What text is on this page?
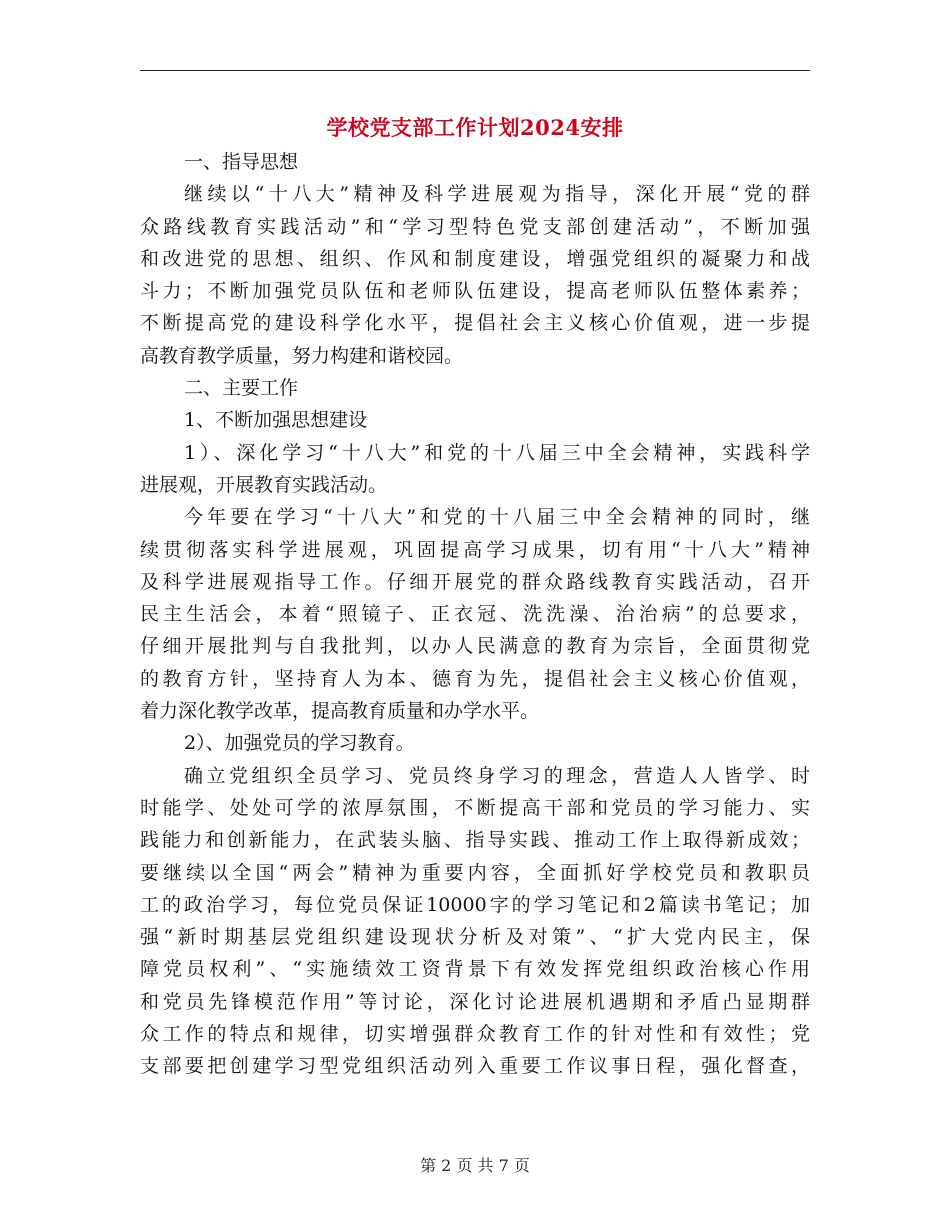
学校党支部工作计划2024安排
一、指导思想
继续以“十八大”精神及科学进展观为指导，深化开展“党的群
众路线教育实践活动”和“学习型特色党支部创建活动”，不断加强
和改进党的思想、组织、作风和制度建设，增强党组织的凝聚力和战
斗力；不断加强党员队伍和老师队伍建设，提高老师队伍整体素养；
不断提高党的建设科学化水平，提倡社会主义核心价值观，进一步提
高教育教学质量，努力构建和谐校园。
二、主要工作
1、不断加强思想建设
1）、深化学习“十八大”和党的十八届三中全会精神，实践科学
进展观，开展教育实践活动。
今年要在学习“十八大”和党的十八届三中全会精神的同时，继
续贯彻落实科学进展观，巩固提高学习成果，切有用“十八大”精神
及科学进展观指导工作。仔细开展党的群众路线教育实践活动，召开
民主生活会，本着“照镜子、正衣冠、洗洗澡、治治病”的总要求，
仔细开展批判与自我批判，以办人民满意的教育为宗旨，全面贯彻党
的教育方针，坚持育人为本、德育为先，提倡社会主义核心价值观，
着力深化教学改革，提高教育质量和办学水平。
2）、加强党员的学习教育。
确立党组织全员学习、党员终身学习的理念，营造人人皆学、时
时能学、处处可学的浓厚氛围，不断提高干部和党员的学习能力、实
践能力和创新能力，在武装头脑、指导实践、推动工作上取得新成效；
要继续以全国“两会”精神为重要内容，全面抓好学校党员和教职员
工的政治学习，每位党员保证10000字的学习笔记和2篇读书笔记；加
强“新时期基层党组织建设现状分析及对策”、“扩大党内民主，保
障党员权利”、“实施绩效工资背景下有效发挥党组织政治核心作用
和党员先锋模范作用”等讨论，深化讨论进展机遇期和矛盾凸显期群
众工作的特点和规律，切实增强群众教育工作的针对性和有效性；党
支部要把创建学习型党组织活动列入重要工作议事日程，强化督查，
第 2 页 共 7 页
